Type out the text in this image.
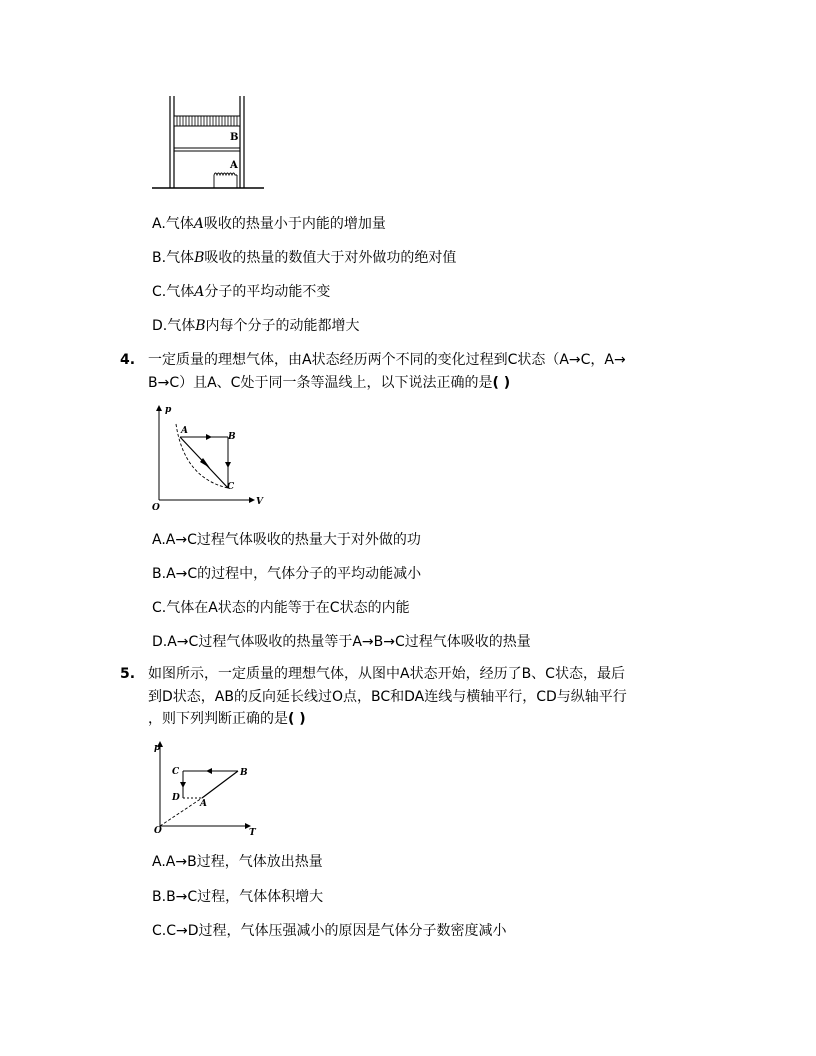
B
A
A.气体A吸收的热量小于内能的增加量
B.气体B吸收的热量的数值大于对外做功的绝对值
C.气体A分子的平均动能不变
D.气体B内每个分子的动能都增大
4. 一定质量的理想气体，由A状态经历两个不同的变化过程到C状态（A→C，A→
B→C）且A、C处于同一条等温线上，以下说法正确的是( )
p
V
O
A
B
C
A.A→C过程气体吸收的热量大于对外做的功
B.A→C的过程中，气体分子的平均动能减小
C.气体在A状态的内能等于在C状态的内能
D.A→C过程气体吸收的热量等于A→B→C过程气体吸收的热量
5. 如图所示，一定质量的理想气体，从图中A状态开始，经历了B、C状态，最后
到D状态，AB的反向延长线过O点，BC和DA连线与横轴平行，CD与纵轴平行
，则下列判断正确的是( )
p
T
O
C	B
D
A
A.A→B过程，气体放出热量
B.B→C过程，气体体积增大
C.C→D过程，气体压强减小的原因是气体分子数密度减小
